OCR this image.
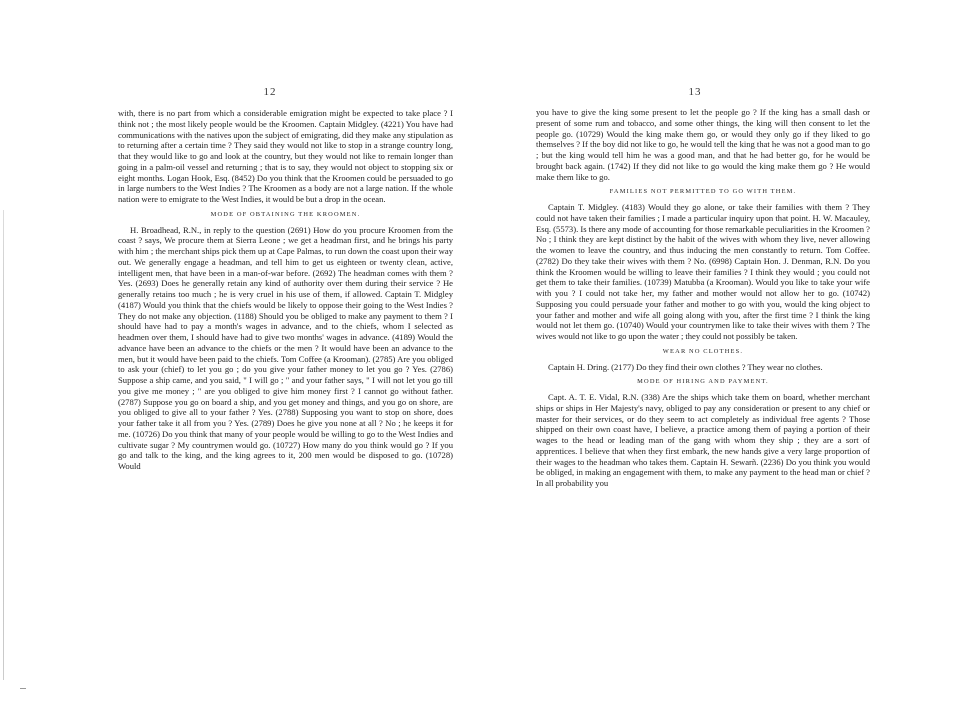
12

with, there is no part from which a considerable emigration might be expected to take place ? I think not ; the most likely people would be the Kroomen. Captain Midgley. (4221) You have had communications with the natives upon the subject of emigrating, did they make any stipulation as to returning after a certain time ? They said they would not like to stop in a strange country long, that they would like to go and look at the country, but they would not like to remain longer than going in a palm-oil vessel and returning ; that is to say, they would not object to stopping six or eight months. Logan Hook, Esq. (8452) Do you think that the Kroomen could be persuaded to go in large numbers to the West Indies ? The Kroomen as a body are not a large nation. If the whole nation were to emigrate to the West Indies, it would be but a drop in the ocean.

MODE OF OBTAINING THE KROOMEN.

H. Broadhead, R.N., in reply to the question (2691) How do you procure Kroomen from the coast ? says, We procure them at Sierra Leone ; we get a headman first, and he brings his party with him ; the merchant ships pick them up at Cape Palmas, to run down the coast upon their way out. We generally engage a headman, and tell him to get us eighteen or twenty clean, active, intelligent men, that have been in a man-of-war before. (2692) The headman comes with them ? Yes. (2693) Does he generally retain any kind of authority over them during their service ? He generally retains too much ; he is very cruel in his use of them, if allowed. Captain T. Midgley (4187) Would you think that the chiefs would be likely to oppose their going to the West Indies ? They do not make any objection. (1188) Should you be obliged to make any payment to them ? I should have had to pay a month's wages in advance, and to the chiefs, whom I selected as headmen over them, I should have had to give two months' wages in advance. (4189) Would the advance have been an advance to the chiefs or the men ? It would have been an advance to the men, but it would have been paid to the chiefs. Tom Coffee (a Krooman). (2785) Are you obliged to ask your (chief) to let you go ; do you give your father money to let you go ? Yes. (2786) Suppose a ship came, and you said, " I will go ; " and your father says, " I will not let you go till you give me money ; " are you obliged to give him money first ? I cannot go without father. (2787) Suppose you go on board a ship, and you get money and things, and you go on shore, are you obliged to give all to your father ? Yes. (2788) Supposing you want to stop on shore, does your father take it all from you ? Yes. (2789) Does he give you none at all ? No ; he keeps it for me. (10726) Do you think that many of your people would be willing to go to the West Indies and cultivate sugar ? My countrymen would go. (10727) How many do you think would go ? If you go and talk to the king, and the king agrees to it, 200 men would be disposed to go. (10728) Would

13

you have to give the king some present to let the people go ? If the king has a small dash or present of some rum and tobacco, and some other things, the king will then consent to let the people go. (10729) Would the king make them go, or would they only go if they liked to go themselves ? If the boy did not like to go, he would tell the king that he was not a good man to go ; but the king would tell him he was a good man, and that he had better go, for he would be brought back again. (1742) If they did not like to go would the king make them go ? He would make them like to go.

FAMILIES NOT PERMITTED TO GO WITH THEM.

Captain T. Midgley. (4183) Would they go alone, or take their families with them ? They could not have taken their families ; I made a particular inquiry upon that point. H. W. Macauley, Esq. (5573). Is there any mode of accounting for those remarkable peculiarities in the Kroomen ? No ; I think they are kept distinct by the habit of the wives with whom they live, never allowing the women to leave the country, and thus inducing the men constantly to return. Tom Coffee. (2782) Do they take their wives with them ? No. (6998) Captain Hon. J. Denman, R.N. Do you think the Kroomen would be willing to leave their families ? I think they would ; you could not get them to take their families. (10739) Matubba (a Krooman). Would you like to take your wife with you ? I could not take her, my father and mother would not allow her to go. (10742) Supposing you could persuade your father and mother to go with you, would the king object to your father and mother and wife all going along with you, after the first time ? I think the king would not let them go. (10740) Would your countrymen like to take their wives with them ? The wives would not like to go upon the water ; they could not possibly be taken.

WEAR NO CLOTHES.

Captain H. Dring. (2177) Do they find their own clothes ? They wear no clothes.

MODE OF HIRING AND PAYMENT.

Capt. A. T. E. Vidal, R.N. (338) Are the ships which take them on board, whether merchant ships or ships in Her Majesty's navy, obliged to pay any consideration or present to any chief or master for their services, or do they seem to act completely as individual free agents ? Those shipped on their own coast have, I believe, a practice among them of paying a portion of their wages to the head or leading man of the gang with whom they ship ; they are a sort of apprentices. I believe that when they first embark, the new hands give a very large proportion of their wages to the headman who takes them. Captain H. Sewarñ. (2236) Do you think you would be obliged, in making an engagement with them, to make any payment to the head man or chief ? In all probability you
